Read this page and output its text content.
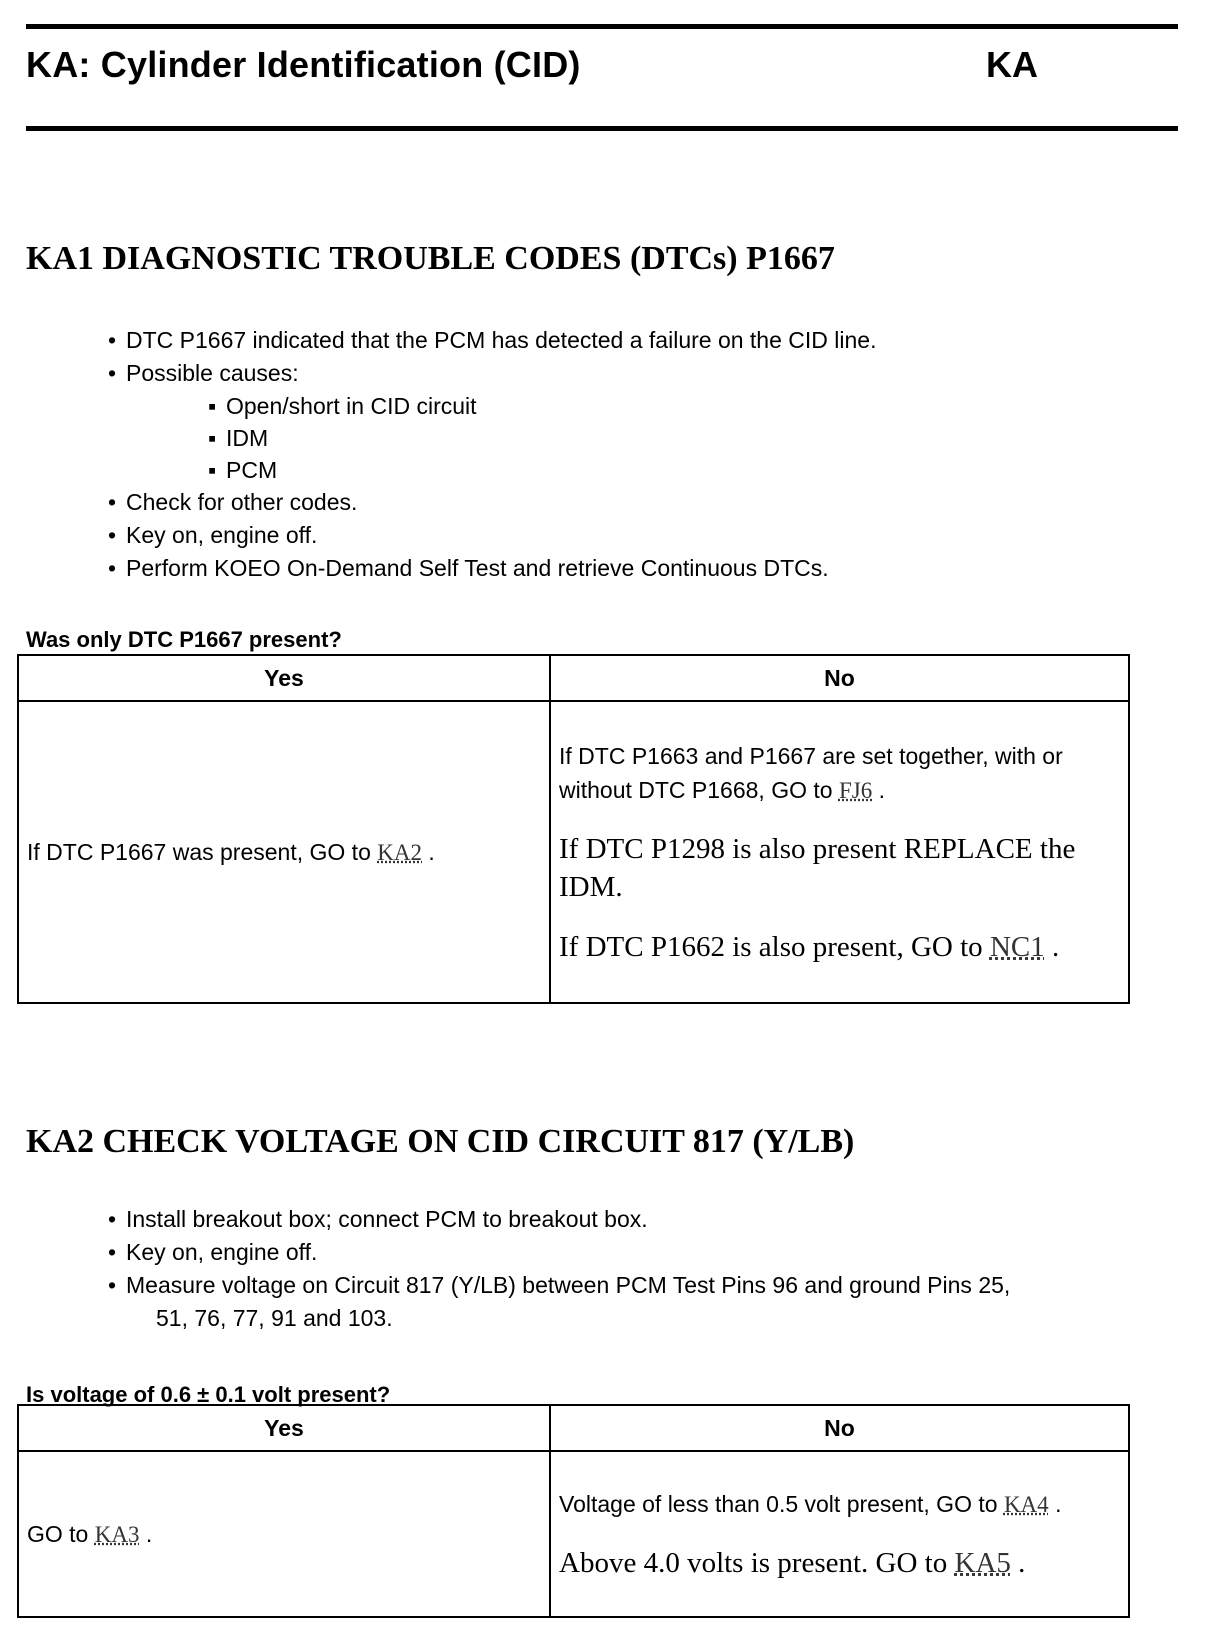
KA: Cylinder Identification (CID)	KA
KA1 DIAGNOSTIC TROUBLE CODES (DTCs) P1667
• DTC P1667 indicated that the PCM has detected a failure on the CID line.
• Possible causes:
▪ Open/short in CID circuit
▪ IDM
▪ PCM
• Check for other codes.
• Key on, engine off.
• Perform KOEO On-Demand Self Test and retrieve Continuous DTCs.
Was only DTC P1667 present?
Yes	No
If DTC P1667 was present, GO to KA2 .	If DTC P1663 and P1667 are set together, with or without DTC P1668, GO to FJ6 .
If DTC P1298 is also present REPLACE the IDM.
If DTC P1662 is also present, GO to NC1 .
KA2 CHECK VOLTAGE ON CID CIRCUIT 817 (Y/LB)
• Install breakout box; connect PCM to breakout box.
• Key on, engine off.
• Measure voltage on Circuit 817 (Y/LB) between PCM Test Pins 96 and ground Pins 25,
51, 76, 77, 91 and 103.
Is voltage of 0.6 ± 0.1 volt present?
Yes	No
GO to KA3 .	Voltage of less than 0.5 volt present, GO to KA4 .
Above 4.0 volts is present. GO to KA5 .
